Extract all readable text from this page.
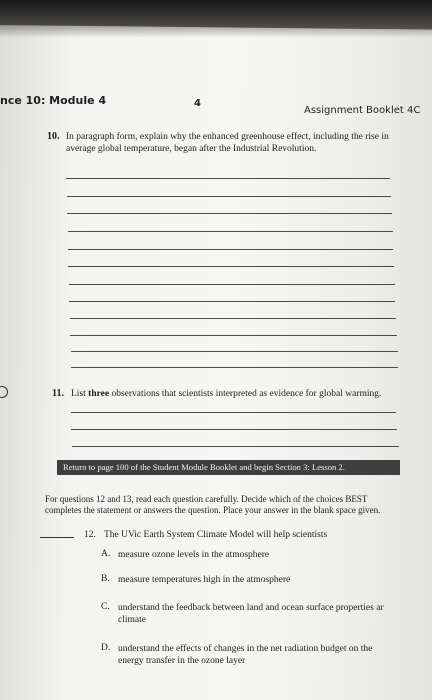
nce 10: Module 4	4
Assignment Booklet 4C
10. In paragraph form, explain why the enhanced greenhouse effect, including the rise in
average global temperature, began after the Industrial Revolution.
11. List three observations that scientists interpreted as evidence for global warming.
Return to page 100 of the Student Module Booklet and begin Section 3: Lesson 2.
For questions 12 and 13, read each question carefully. Decide which of the choices BEST
completes the statement or answers the question. Place your answer in the blank space given.
12. The UVic Earth System Climate Model will help scientists
A. measure ozone levels in the atmosphere
B. measure temperatures high in the atmosphere
C. understand the feedback between land and ocean surface properties ar
climate
D. understand the effects of changes in the net radiation budget on the
energy transfer in the ozone layer
